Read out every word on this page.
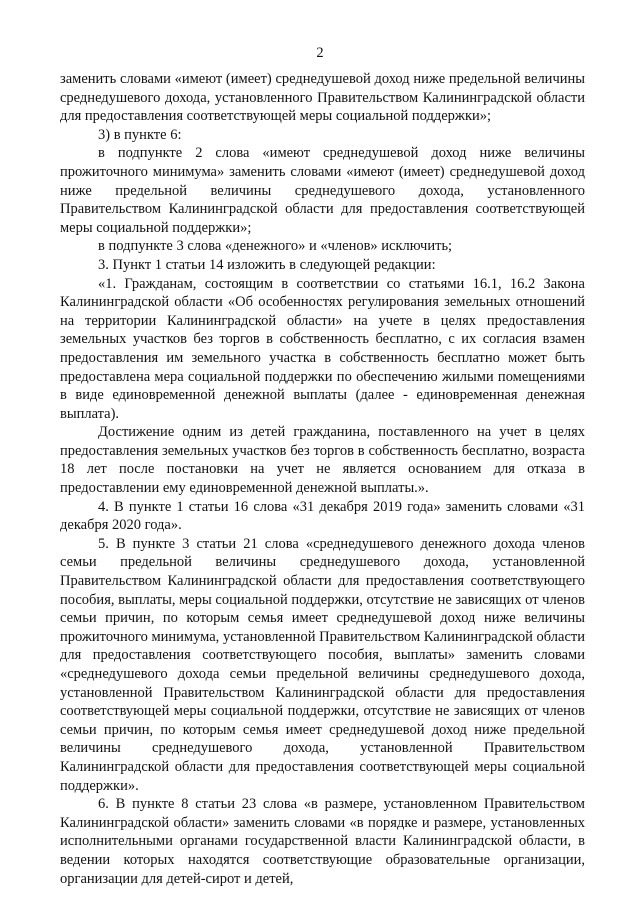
2

заменить словами «имеют (имеет) среднедушевой доход ниже предельной величины среднедушевого дохода, установленного Правительством Калининградской области для предоставления соответствующей меры социальной поддержки»;

3) в пункте 6:

в подпункте 2 слова «имеют среднедушевой доход ниже величины прожиточного минимума» заменить словами «имеют (имеет) среднедушевой доход ниже предельной величины среднедушевого дохода, установленного Правительством Калининградской области для предоставления соответствующей меры социальной поддержки»;

в подпункте 3 слова «денежного» и «членов» исключить;

3. Пункт 1 статьи 14 изложить в следующей редакции:

«1. Гражданам, состоящим в соответствии со статьями 16.1, 16.2 Закона Калининградской области «Об особенностях регулирования земельных отношений на территории Калининградской области» на учете в целях предоставления земельных участков без торгов в собственность бесплатно, с их согласия взамен предоставления им земельного участка в собственность бесплатно может быть предоставлена мера социальной поддержки по обеспечению жилыми помещениями в виде единовременной денежной выплаты (далее - единовременная денежная выплата).

Достижение одним из детей гражданина, поставленного на учет в целях предоставления земельных участков без торгов в собственность бесплатно, возраста 18 лет после постановки на учет не является основанием для отказа в предоставлении ему единовременной денежной выплаты.».

4. В пункте 1 статьи 16 слова «31 декабря 2019 года» заменить словами «31 декабря 2020 года».

5. В пункте 3 статьи 21 слова «среднедушевого денежного дохода членов семьи предельной величины среднедушевого дохода, установленной Правительством Калининградской области для предоставления соответствующего пособия, выплаты, меры социальной поддержки, отсутствие не зависящих от членов семьи причин, по которым семья имеет среднедушевой доход ниже величины прожиточного минимума, установленной Правительством Калининградской области для предоставления соответствующего пособия, выплаты» заменить словами «среднедушевого дохода семьи предельной величины среднедушевого дохода, установленной Правительством Калининградской области для предоставления соответствующей меры социальной поддержки, отсутствие не зависящих от членов семьи причин, по которым семья имеет среднедушевой доход ниже предельной величины среднедушевого дохода, установленной Правительством Калининградской области для предоставления соответствующей меры социальной поддержки».

6. В пункте 8 статьи 23 слова «в размере, установленном Правительством Калининградской области» заменить словами «в порядке и размере, установленных исполнительными органами государственной власти Калининградской области, в ведении которых находятся соответствующие образовательные организации, организации для детей-сирот и детей,
